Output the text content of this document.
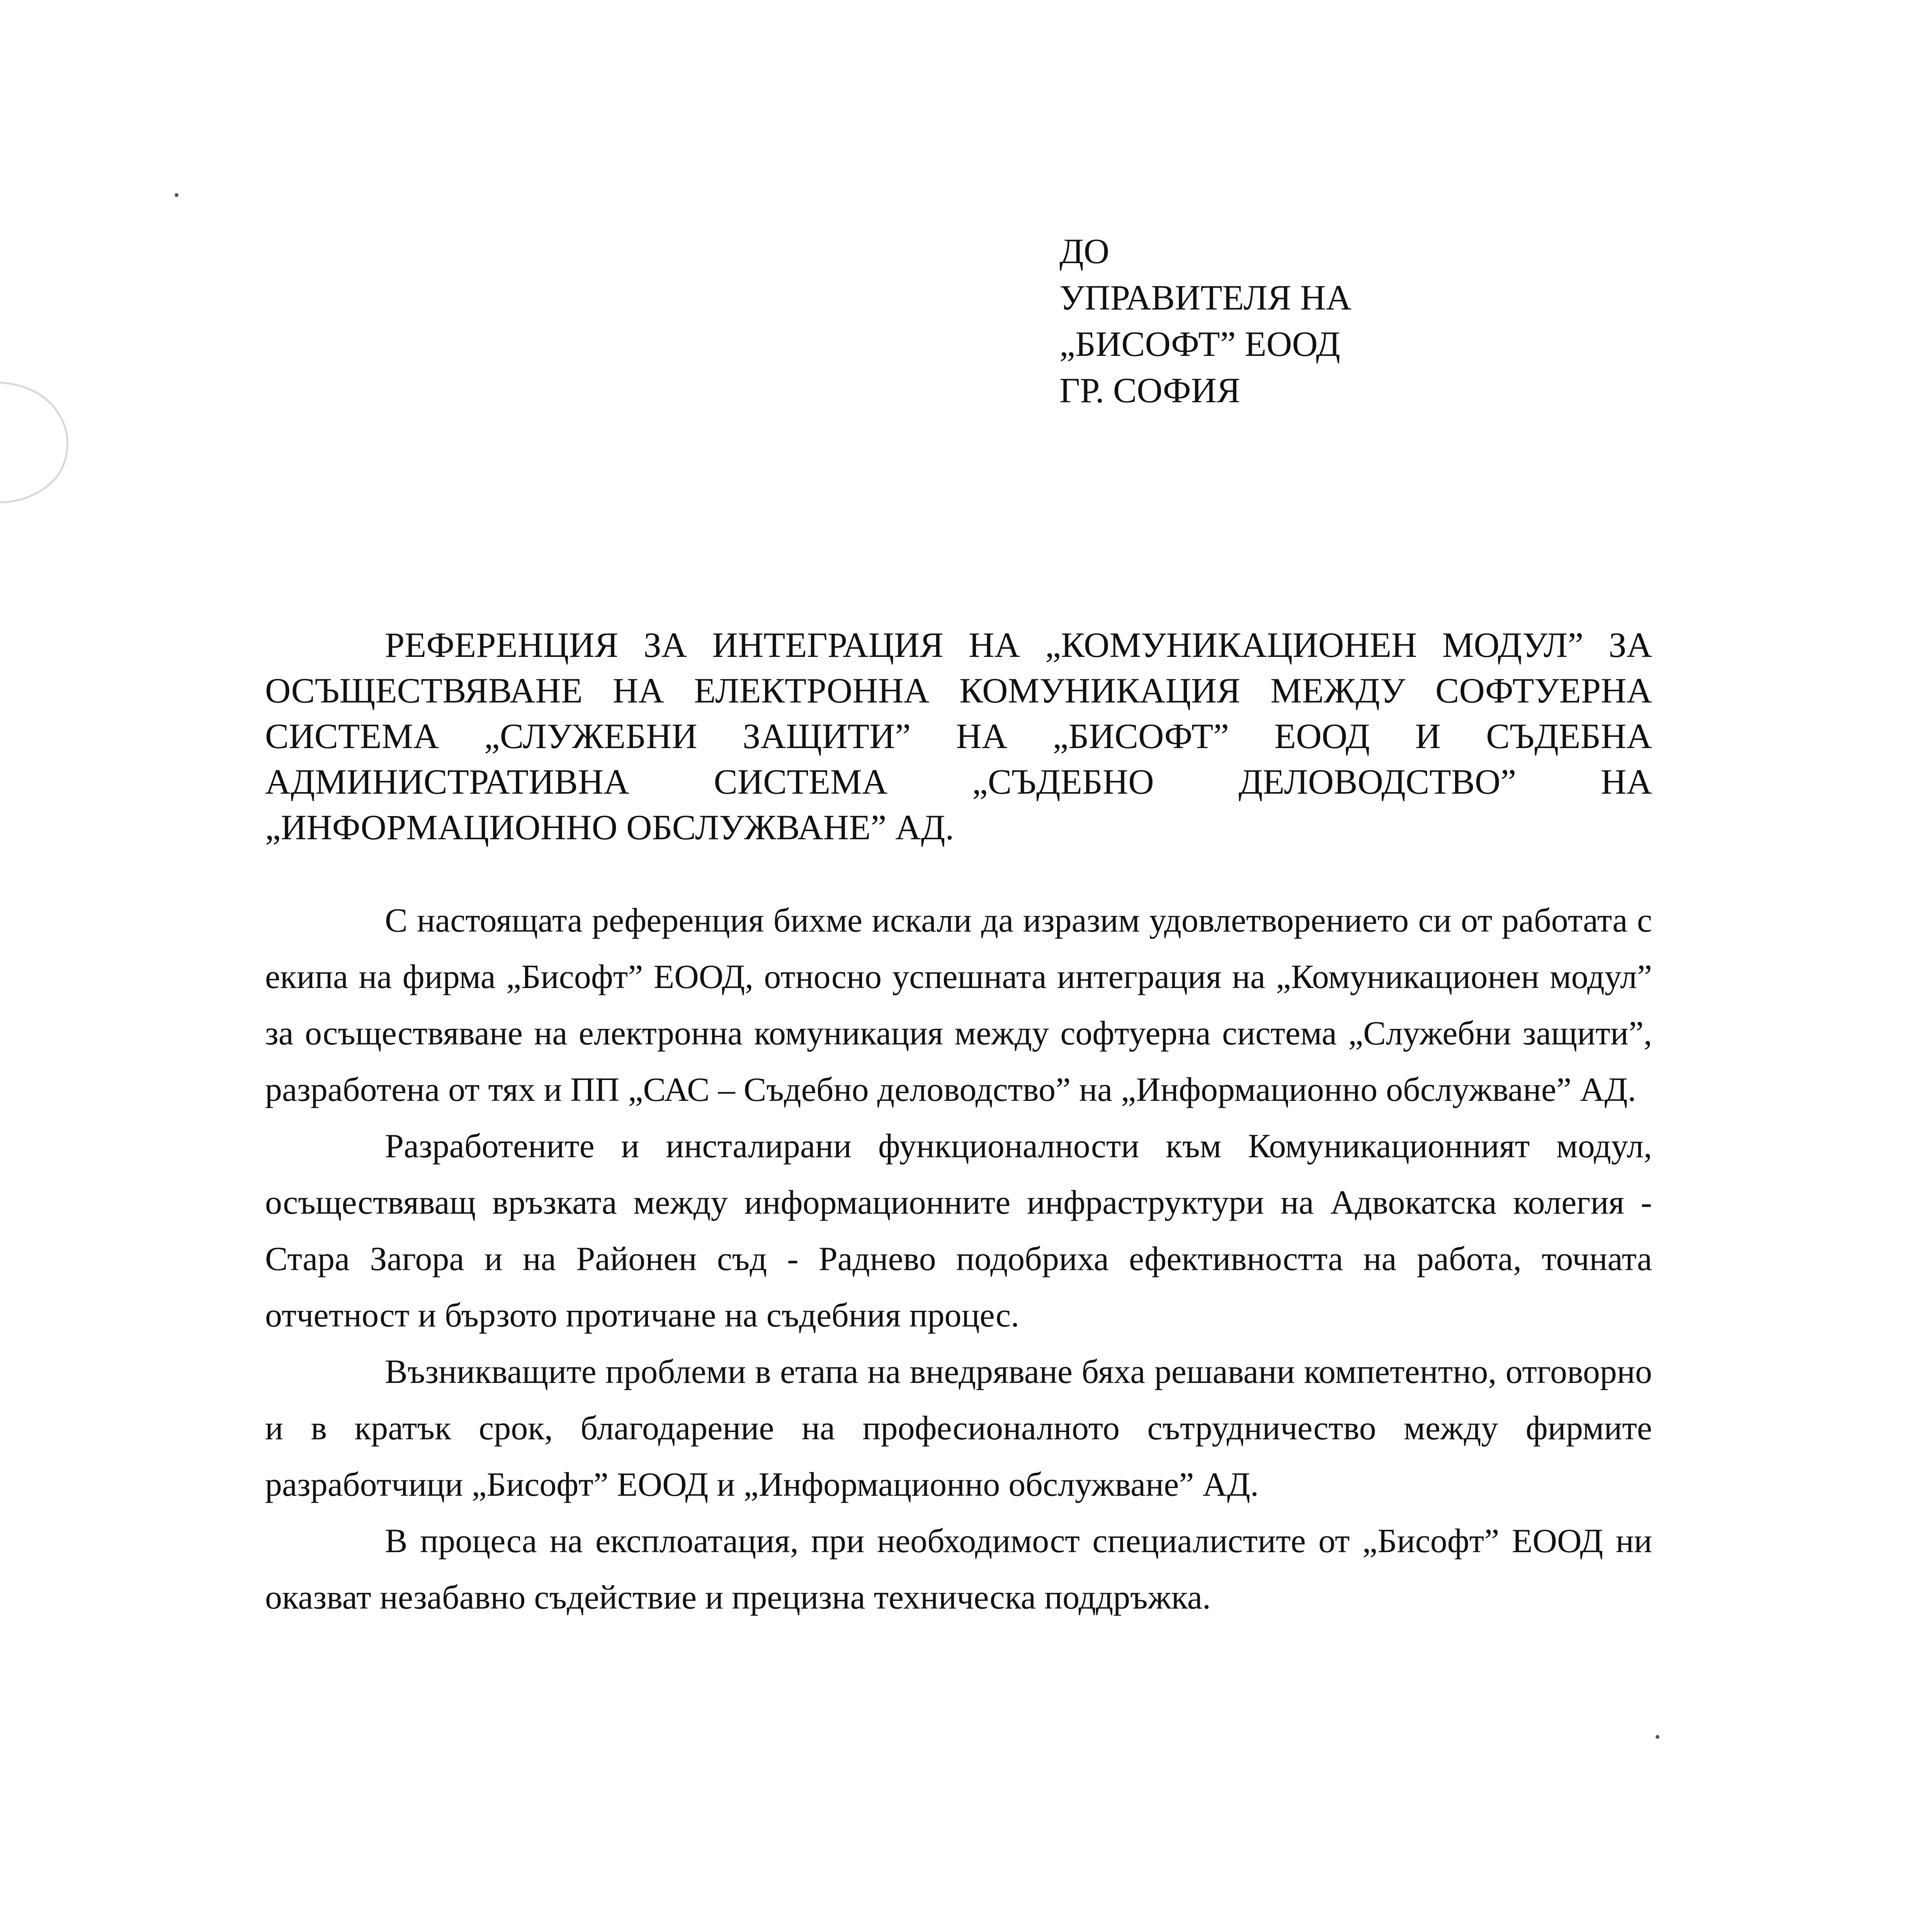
ДО
УПРАВИТЕЛЯ НА
„БИСОФТ” ЕООД
ГР. СОФИЯ
РЕФЕРЕНЦИЯ ЗА ИНТЕГРАЦИЯ НА „КОМУНИКАЦИОНЕН МОДУЛ” ЗА ОСЪЩЕСТВЯВАНЕ НА ЕЛЕКТРОННА КОМУНИКАЦИЯ МЕЖДУ СОФТУЕРНА СИСТЕМА „СЛУЖЕБНИ ЗАЩИТИ” НА „БИСОФТ” ЕООД И СЪДЕБНА АДМИНИСТРАТИВНА СИСТЕМА „СЪДЕБНО ДЕЛОВОДСТВО” НА „ИНФОРМАЦИОННО ОБСЛУЖВАНЕ” АД.

С настоящата референция бихме искали да изразим удовлетворението си от работата с екипа на фирма „Бисофт” ЕООД, относно успешната интеграция на „Комуникационен модул” за осъществяване на електронна комуникация между софтуерна система „Служебни защити”, разработена от тях и ПП „САС – Съдебно деловодство” на „Информационно обслужване” АД.

Разработените и инсталирани функционалности към Комуникационният модул, осъществяващ връзката между информационните инфраструктури на Адвокатска колегия - Стара Загора и на Районен съд - Раднево подобриха ефективността на работа, точната отчетност и бързото протичане на съдебния процес.

Възникващите проблеми в етапа на внедряване бяха решавани компетентно, отговорно и в кратък срок, благодарение на професионалното сътрудничество между фирмите разработчици „Бисофт” ЕООД и „Информационно обслужване” АД.

В процеса на експлоатация, при необходимост специалистите от „Бисофт” ЕООД ни оказват незабавно съдействие и прецизна техническа поддръжка.
